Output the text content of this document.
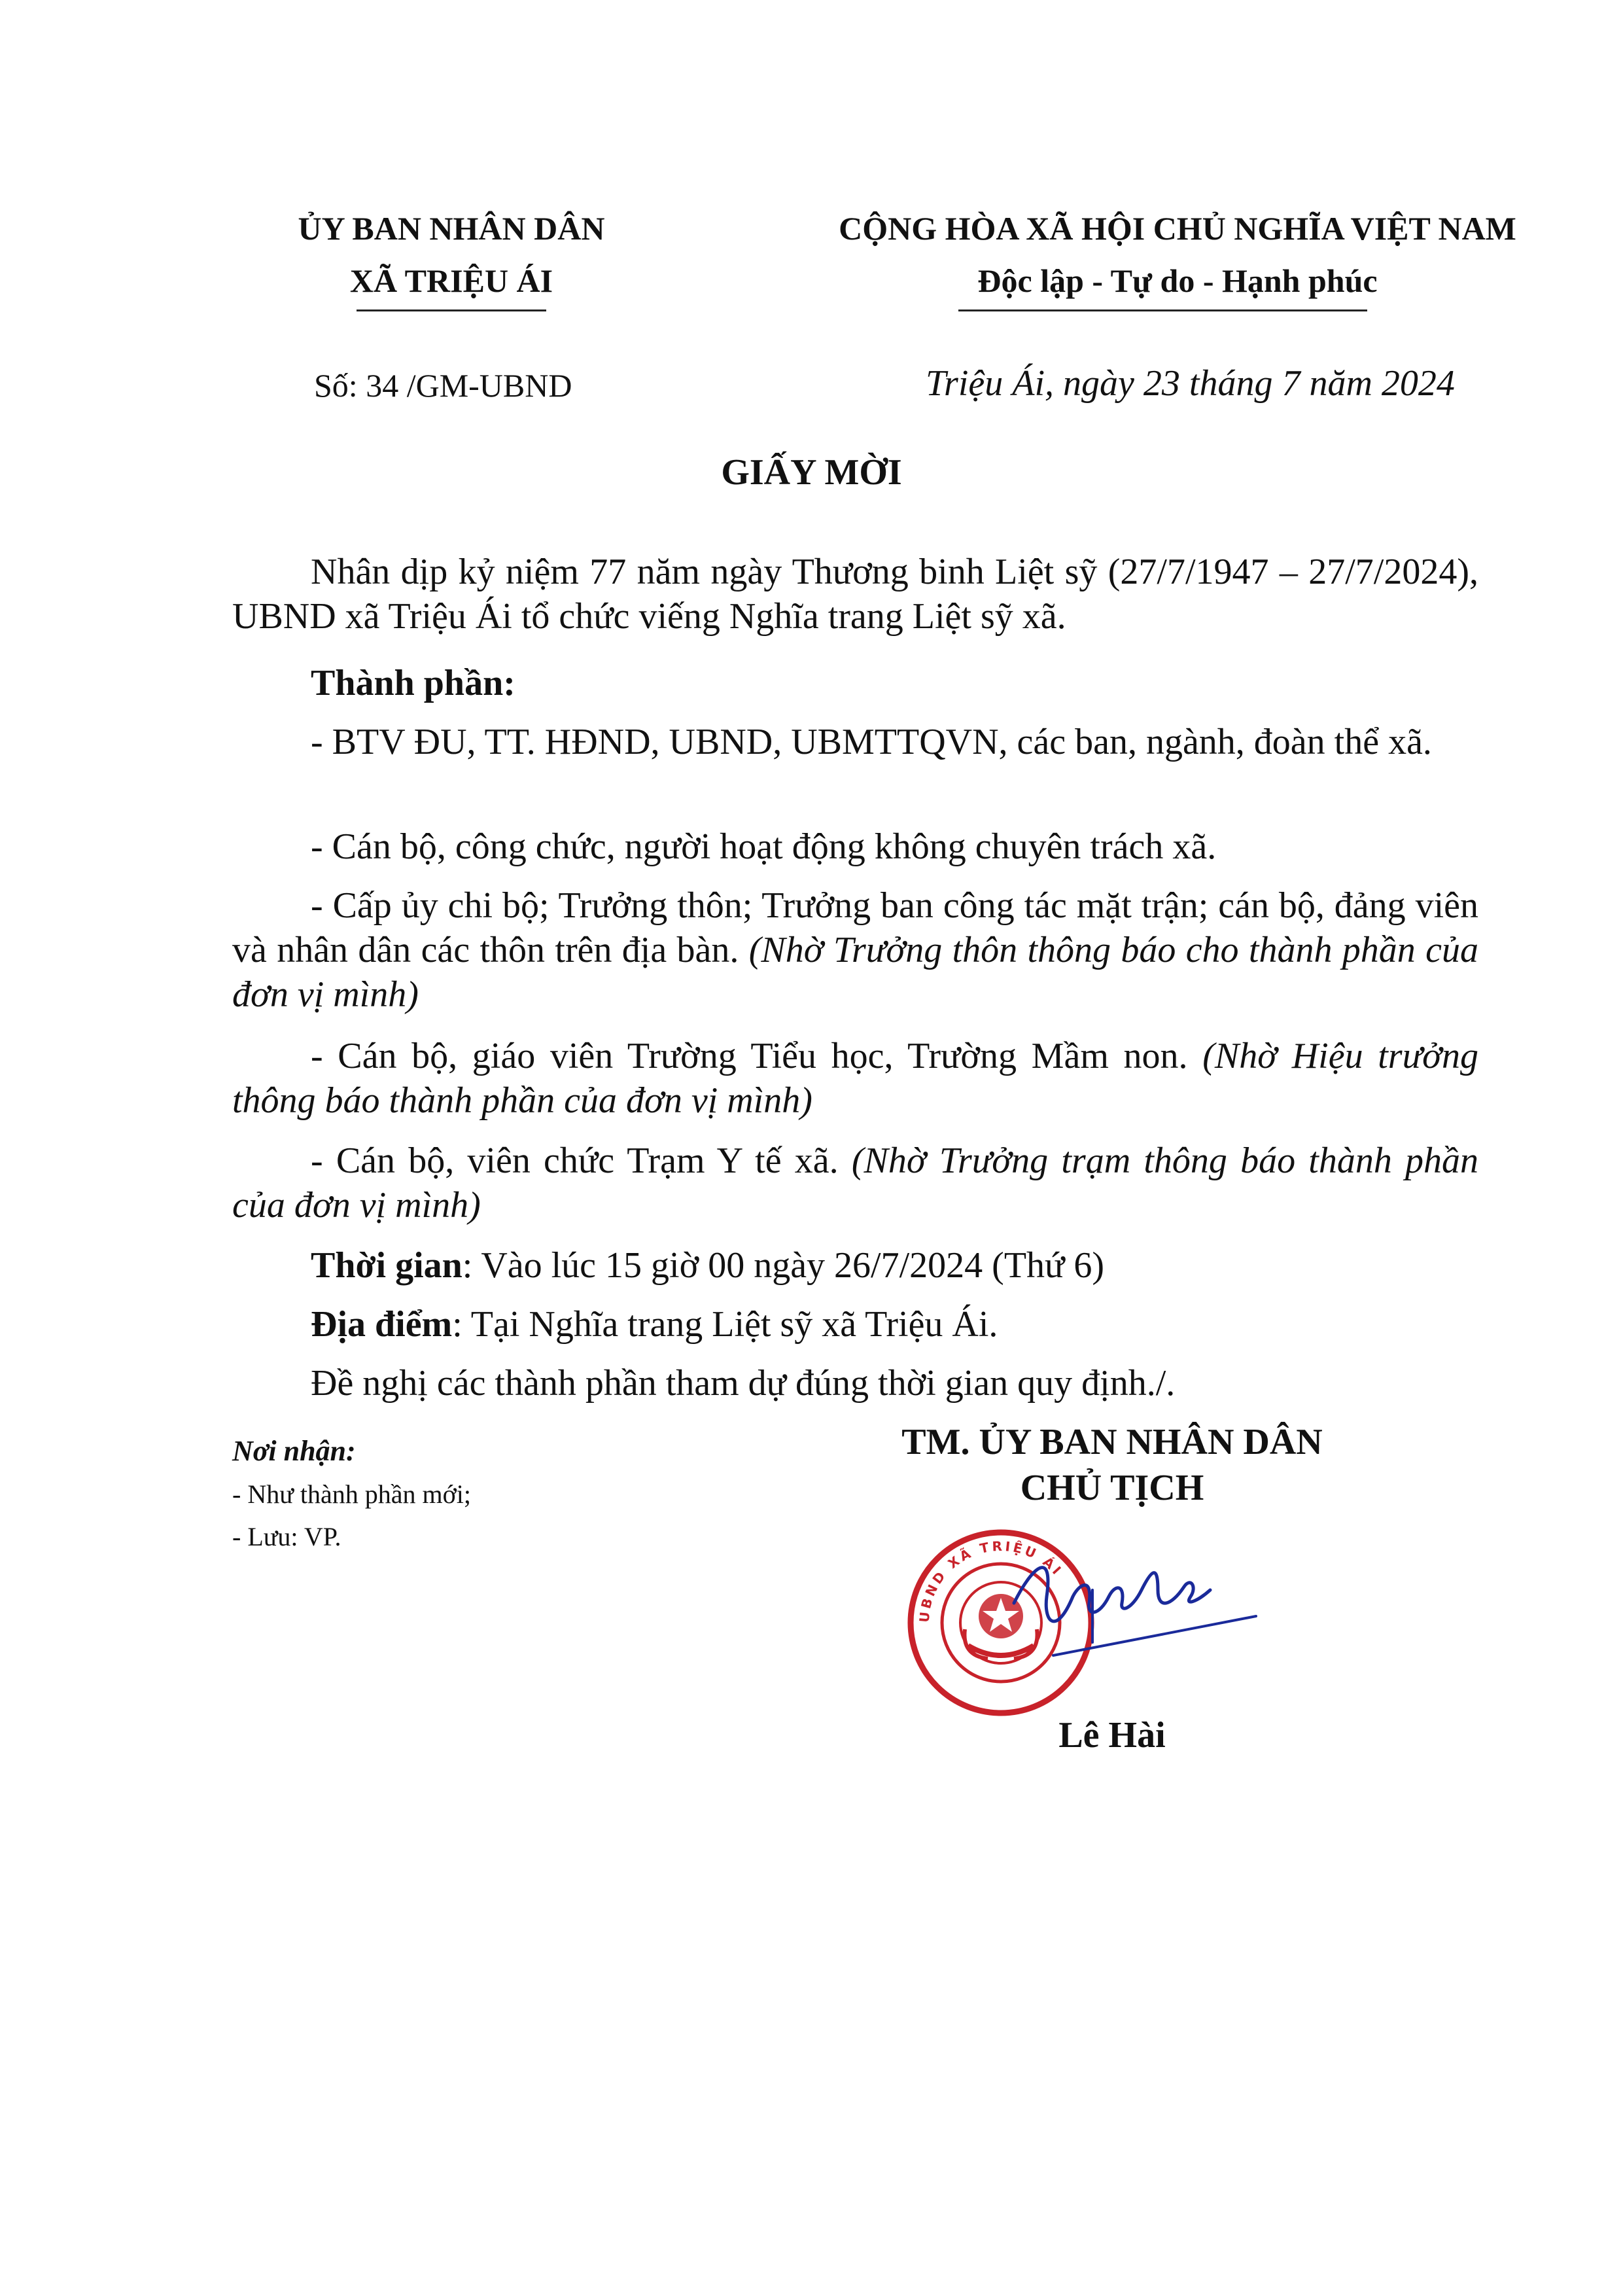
ỦY BAN NHÂN DÂN
XÃ TRIỆU ÁI
CỘNG HÒA XÃ HỘI CHỦ NGHĨA VIỆT NAM
Độc lập - Tự do - Hạnh phúc
Số: 34 /GM-UBND	Triệu Ái, ngày 23 tháng 7 năm 2024
GIẤY MỜI
Nhân dịp kỷ niệm 77 năm ngày Thương binh Liệt sỹ (27/7/1947 – 27/7/2024), UBND xã Triệu Ái tổ chức viếng Nghĩa trang Liệt sỹ xã.
Thành phần:
- BTV ĐU, TT. HĐND, UBND, UBMTTQVN, các ban, ngành, đoàn thể xã.
- Cán bộ, công chức, người hoạt động không chuyên trách xã.
- Cấp ủy chi bộ; Trưởng thôn; Trưởng ban công tác mặt trận; cán bộ, đảng viên và nhân dân các thôn trên địa bàn. (Nhờ Trưởng thôn thông báo cho thành phần của đơn vị mình)
- Cán bộ, giáo viên Trường Tiểu học, Trường Mầm non. (Nhờ Hiệu trưởng thông báo thành phần của đơn vị mình)
- Cán bộ, viên chức Trạm Y tế xã. (Nhờ Trưởng trạm thông báo thành phần của đơn vị mình)
Thời gian: Vào lúc 15 giờ 00 ngày 26/7/2024 (Thứ 6)
Địa điểm: Tại Nghĩa trang Liệt sỹ xã Triệu Ái.
Đề nghị các thành phần tham dự đúng thời gian quy định./.
Nơi nhận:
- Như thành phần mới;
- Lưu: VP.
TM. ỦY BAN NHÂN DÂN
CHỦ TỊCH
UBND XÃ TRIỆU ÁI
Lê Hài
